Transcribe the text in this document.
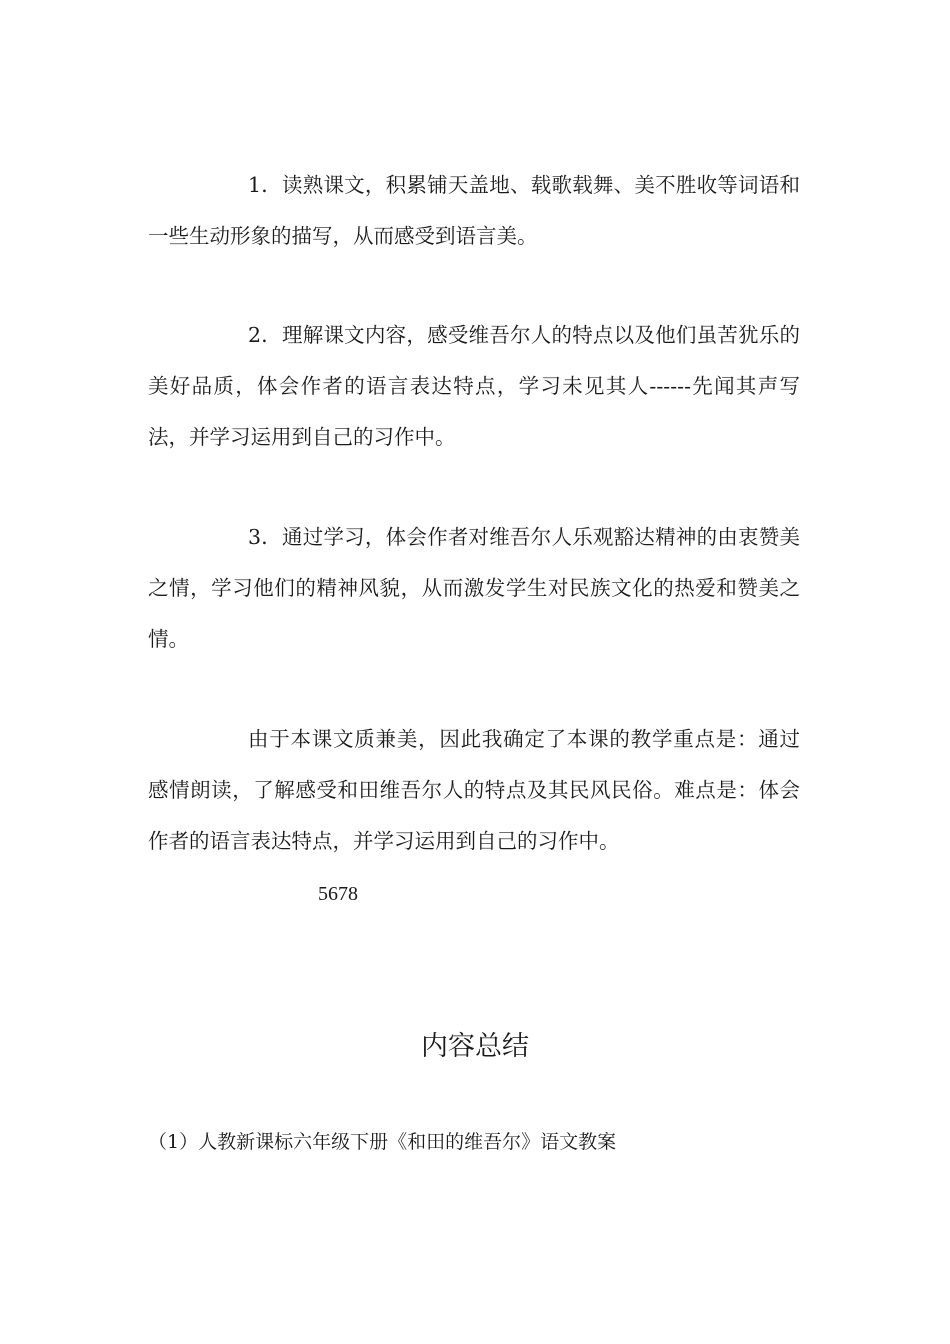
1．读熟课文，积累铺天盖地、载歌载舞、美不胜收等词语和一些生动形象的描写，从而感受到语言美。

2．理解课文内容，感受维吾尔人的特点以及他们虽苦犹乐的美好品质，体会作者的语言表达特点，学习未见其人------先闻其声写法，并学习运用到自己的习作中。

3．通过学习，体会作者对维吾尔人乐观豁达精神的由衷赞美之情，学习他们的精神风貌，从而激发学生对民族文化的热爱和赞美之情。

由于本课文质兼美，因此我确定了本课的教学重点是：通过感情朗读，了解感受和田维吾尔人的特点及其民风民俗。难点是：体会作者的语言表达特点，并学习运用到自己的习作中。

5678
内容总结
（1）人教新课标六年级下册《和田的维吾尔》语文教案
